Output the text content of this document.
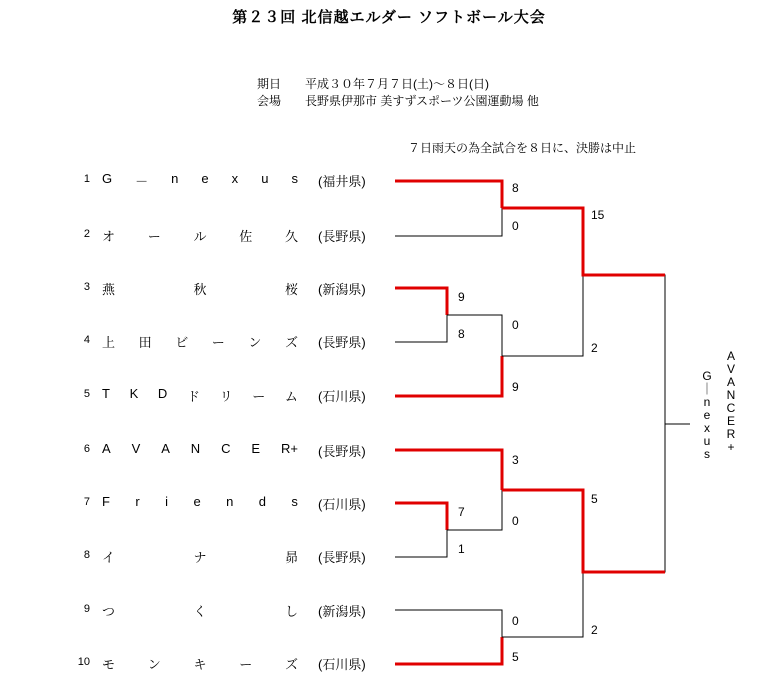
第２３回 北信越エルダー ソフトボール大会

期日	平成３０年７月７日(土)～８日(日)

会場	長野県伊那市 美すずスポーツ公園運動場 他

７日雨天の為全試合を８日に、決勝は中止
1 G － n e x u s (福井県)
2 オ	ー	ル	佐	久 (長野県)
3 燕	秋	桜 (新潟県)
4 上 田 ビ ー ン ズ (長野県)
5 T K D ド リ ー ム (石川県)
6 A V A N C E R+ (長野県)
7 F r i e n d s (石川県)
8 イ	ナ	昴 (長野県)
9 つ	く	し (新潟県)
10 モ	ン	キ	ー	ズ (石川県)
8
0
9
8
0
9
15
2
3
7
1
0
0
5
5
2
G
｜
n
e
x
u
s
A
V
A
N
C
E
R
+
